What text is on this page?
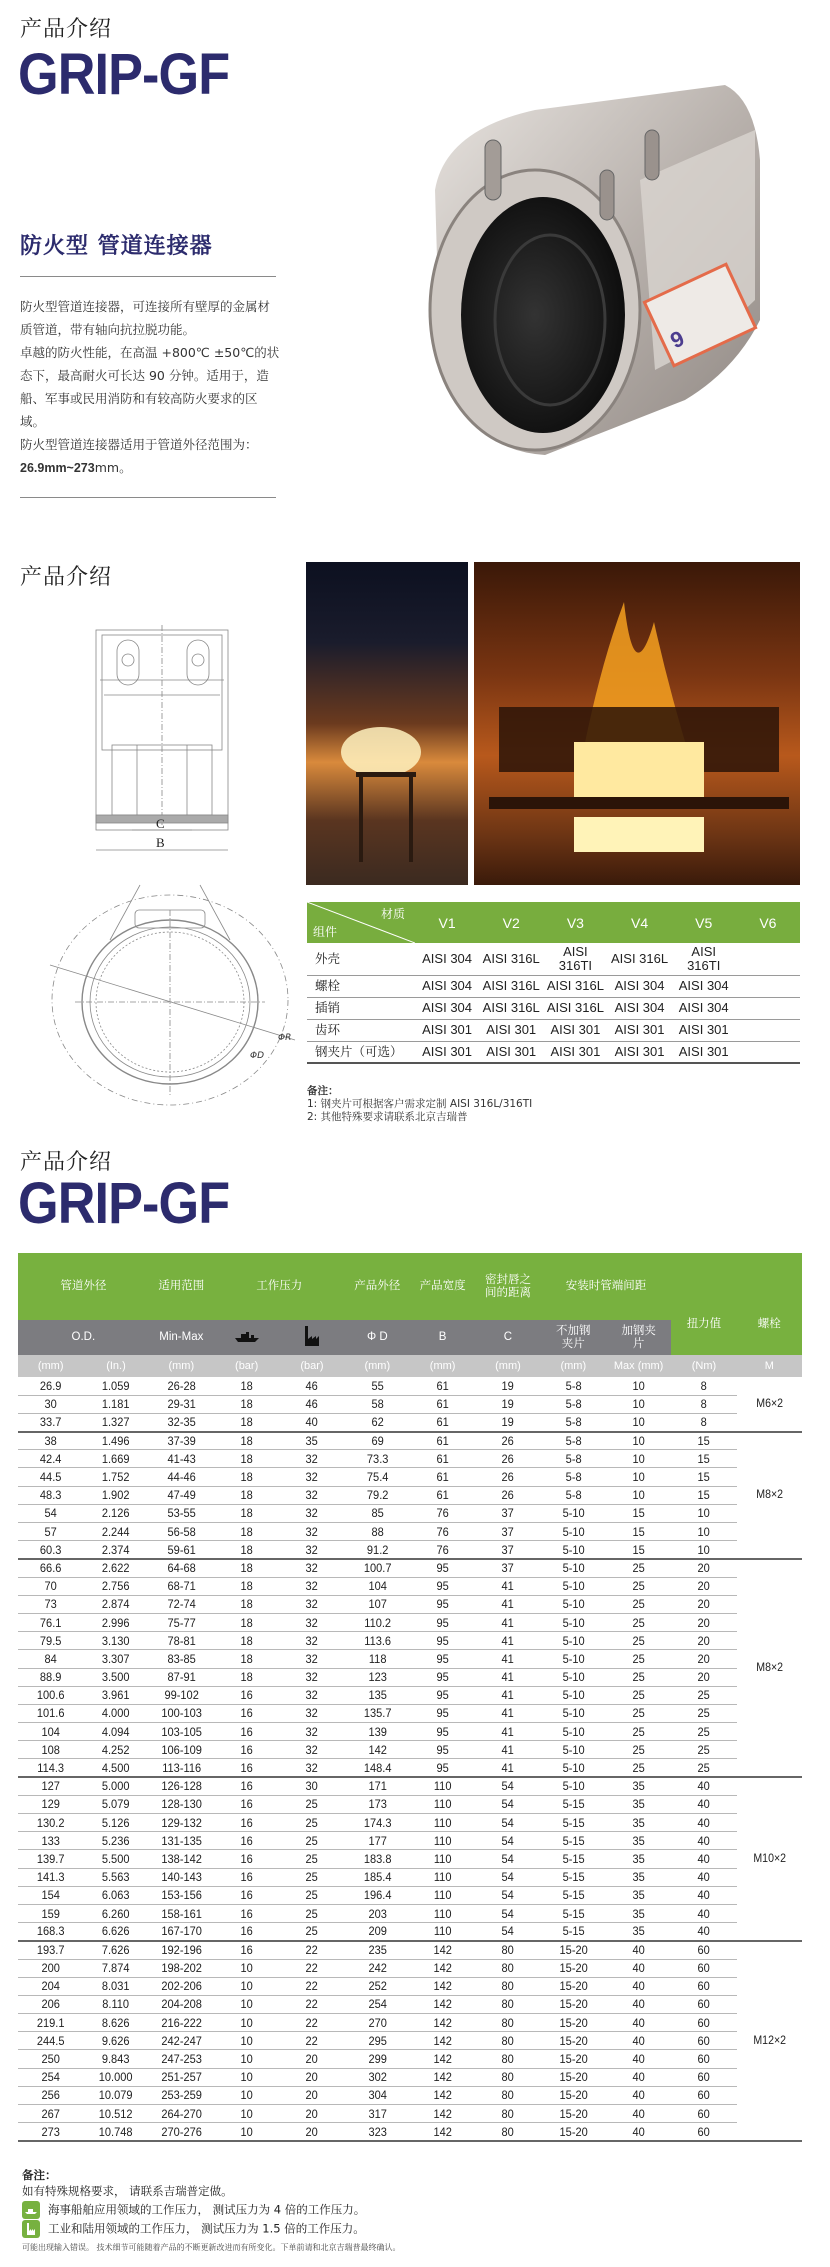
产品介绍
GRIP-GF
防火型 管道连接器
防火型管道连接器，可连接所有壁厚的金属材质管道，带有轴向抗拉脱功能。
卓越的防火性能，在高温 +800℃ ±50℃的状态下，最高耐火可长达 90 分钟。适用于，造船、军事或民用消防和有较高防火要求的区域。
防火型管道连接器适用于管道外径范围为：
26.9mm~273mm。
9
产品介绍
C
B
ΦR
ΦD
材质
组件	V1	V2	V3	V4	V5	V6
外壳	AISI 304	AISI 316L	AISI 316TI	AISI 316L	AISI 316TI	
螺栓	AISI 304	AISI 316L	AISI 316L	AISI 304	AISI 304	
插销	AISI 304	AISI 316L	AISI 316L	AISI 304	AISI 304	
齿环	AISI 301	AISI 301	AISI 301	AISI 301	AISI 301	
钢夹片（可选）	AISI 301	AISI 301	AISI 301	AISI 301	AISI 301	
备注：
1: 钢夹片可根据客户需求定制 AISI 316L/316TI
2: 其他特殊要求请联系北京吉瑞普
产品介绍
GRIP-GF
管道外径		适用范围	工作压力		产品外径	产品宽度	密封唇之间的距离	安装时管端间距		扭力值	螺栓
O.D.		Min-Max			Φ D	B	C	不加钢夹片	加钢夹片		
(mm)	(In.)	(mm)	(bar)	(bar)	(mm)	(mm)	(mm)	(mm)	Max (mm)	(Nm)	M
26.9	1.059	26-28	18	46	55	61	19	5-8	10	8	M6×2
30	1.181	29-31	18	46	58	61	19	5-8	10	8	
33.7	1.327	32-35	18	40	62	61	19	5-8	10	8	
38	1.496	37-39	18	35	69	61	26	5-8	10	15	M8×2
42.4	1.669	41-43	18	32	73.3	61	26	5-8	10	15	
44.5	1.752	44-46	18	32	75.4	61	26	5-8	10	15	
48.3	1.902	47-49	18	32	79.2	61	26	5-8	10	15	
54	2.126	53-55	18	32	85	76	37	5-10	15	10	
57	2.244	56-58	18	32	88	76	37	5-10	15	10	
60.3	2.374	59-61	18	32	91.2	76	37	5-10	15	10	
66.6	2.622	64-68	18	32	100.7	95	37	5-10	25	20	M8×2
70	2.756	68-71	18	32	104	95	41	5-10	25	20	
73	2.874	72-74	18	32	107	95	41	5-10	25	20	
76.1	2.996	75-77	18	32	110.2	95	41	5-10	25	20	
79.5	3.130	78-81	18	32	113.6	95	41	5-10	25	20	
84	3.307	83-85	18	32	118	95	41	5-10	25	20	
88.9	3.500	87-91	18	32	123	95	41	5-10	25	20	
100.6	3.961	99-102	16	32	135	95	41	5-10	25	25	
101.6	4.000	100-103	16	32	135.7	95	41	5-10	25	25	
104	4.094	103-105	16	32	139	95	41	5-10	25	25	
108	4.252	106-109	16	32	142	95	41	5-10	25	25	
114.3	4.500	113-116	16	32	148.4	95	41	5-10	25	25	
127	5.000	126-128	16	30	171	110	54	5-10	35	40	M10×2
129	5.079	128-130	16	25	173	110	54	5-15	35	40	
130.2	5.126	129-132	16	25	174.3	110	54	5-15	35	40	
133	5.236	131-135	16	25	177	110	54	5-15	35	40	
139.7	5.500	138-142	16	25	183.8	110	54	5-15	35	40	
141.3	5.563	140-143	16	25	185.4	110	54	5-15	35	40	
154	6.063	153-156	16	25	196.4	110	54	5-15	35	40	
159	6.260	158-161	16	25	203	110	54	5-15	35	40	
168.3	6.626	167-170	16	25	209	110	54	5-15	35	40	
193.7	7.626	192-196	16	22	235	142	80	15-20	40	60	M12×2
200	7.874	198-202	10	22	242	142	80	15-20	40	60	
204	8.031	202-206	10	22	252	142	80	15-20	40	60	
206	8.110	204-208	10	22	254	142	80	15-20	40	60	
219.1	8.626	216-222	10	22	270	142	80	15-20	40	60	
244.5	9.626	242-247	10	22	295	142	80	15-20	40	60	
250	9.843	247-253	10	20	299	142	80	15-20	40	60	
254	10.000	251-257	10	20	302	142	80	15-20	40	60	
256	10.079	253-259	10	20	304	142	80	15-20	40	60	
267	10.512	264-270	10	20	317	142	80	15-20	40	60	
273	10.748	270-276	10	20	323	142	80	15-20	40	60	
备注：
如有特殊规格要求， 请联系吉瑞普定做。
海事船舶应用领域的工作压力， 测试压力为 4 倍的工作压力。
工业和陆用领域的工作压力， 测试压力为 1.5 倍的工作压力。
可能出现输入错误。 技术细节可能随着产品的不断更新改进而有所变化。下单前请和北京吉瑞普最终确认。
